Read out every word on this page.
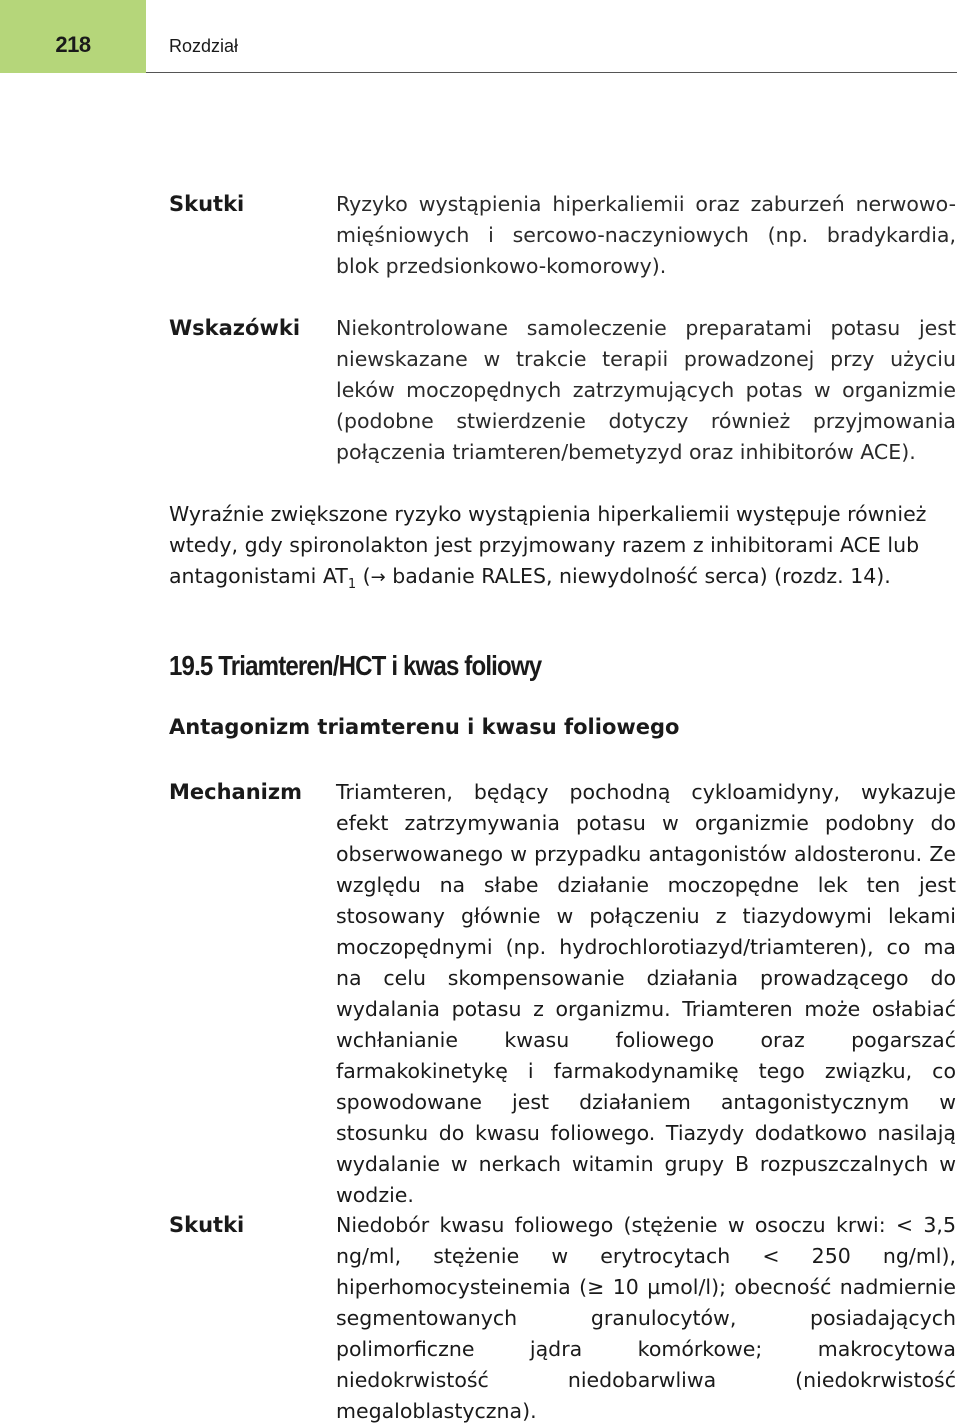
218	Rozdział
Skutki	Ryzyko wystąpienia hiperkaliemii oraz zaburzeń nerwowo-mięśniowych i sercowo-naczyniowych (np. bradykardia, blok przedsionkowo-komorowy).
Wskazówki Niekontrolowane samoleczenie preparatami potasu jest niewskazane w trakcie terapii prowadzonej przy użyciu leków moczopędnych zatrzymujących potas w organizmie (podobne stwierdzenie dotyczy również przyjmowania połączenia triamteren/bemetyzyd oraz inhibitorów ACE).
Wyraźnie zwiększone ryzyko wystąpienia hiperkaliemii występuje również wtedy, gdy spironolakton jest przyjmowany razem z inhibitorami ACE lub antagonistami $AT_1$ (→ badanie RALES, niewydolność serca) (rozdz. 14).
19.5 Triamteren/HCT i kwas foliowy
Antagonizm triamterenu i kwasu foliowego
Mechanizm Triamteren, będący pochodną cykloamidyny, wykazuje efekt zatrzymywania potasu w organizmie podobny do obserwowanego w przypadku antagonistów aldosteronu. Ze względu na słabe działanie moczopędne lek ten jest stosowany głównie w połączeniu z tiazydowymi lekami moczopędnymi (np. hydrochlorotiazyd/triamteren), co ma na celu skompensowanie działania prowadzącego do wydalania potasu z organizmu. Triamteren może osłabiać wchłanianie kwasu foliowego oraz pogarszać farmakokinetykę i farmakodynamikę tego związku, co spowodowane jest działaniem antagonistycznym w stosunku do kwasu foliowego. Tiazydy dodatkowo nasilają wydalanie w nerkach witamin grupy B rozpuszczalnych w wodzie.
Skutki	Niedobór kwasu foliowego (stężenie w osoczu krwi: < 3,5 ng/ml, stężenie w erytrocytach < 250 ng/ml), hiperhomocysteinemia (≥ 10 µmol/l); obecność nadmiernie segmentowanych granulocytów, posiadających polimorficzne jądra komórkowe; makrocytowa niedokrwistość niedobarwliwa (niedokrwistość megaloblastyczna).
